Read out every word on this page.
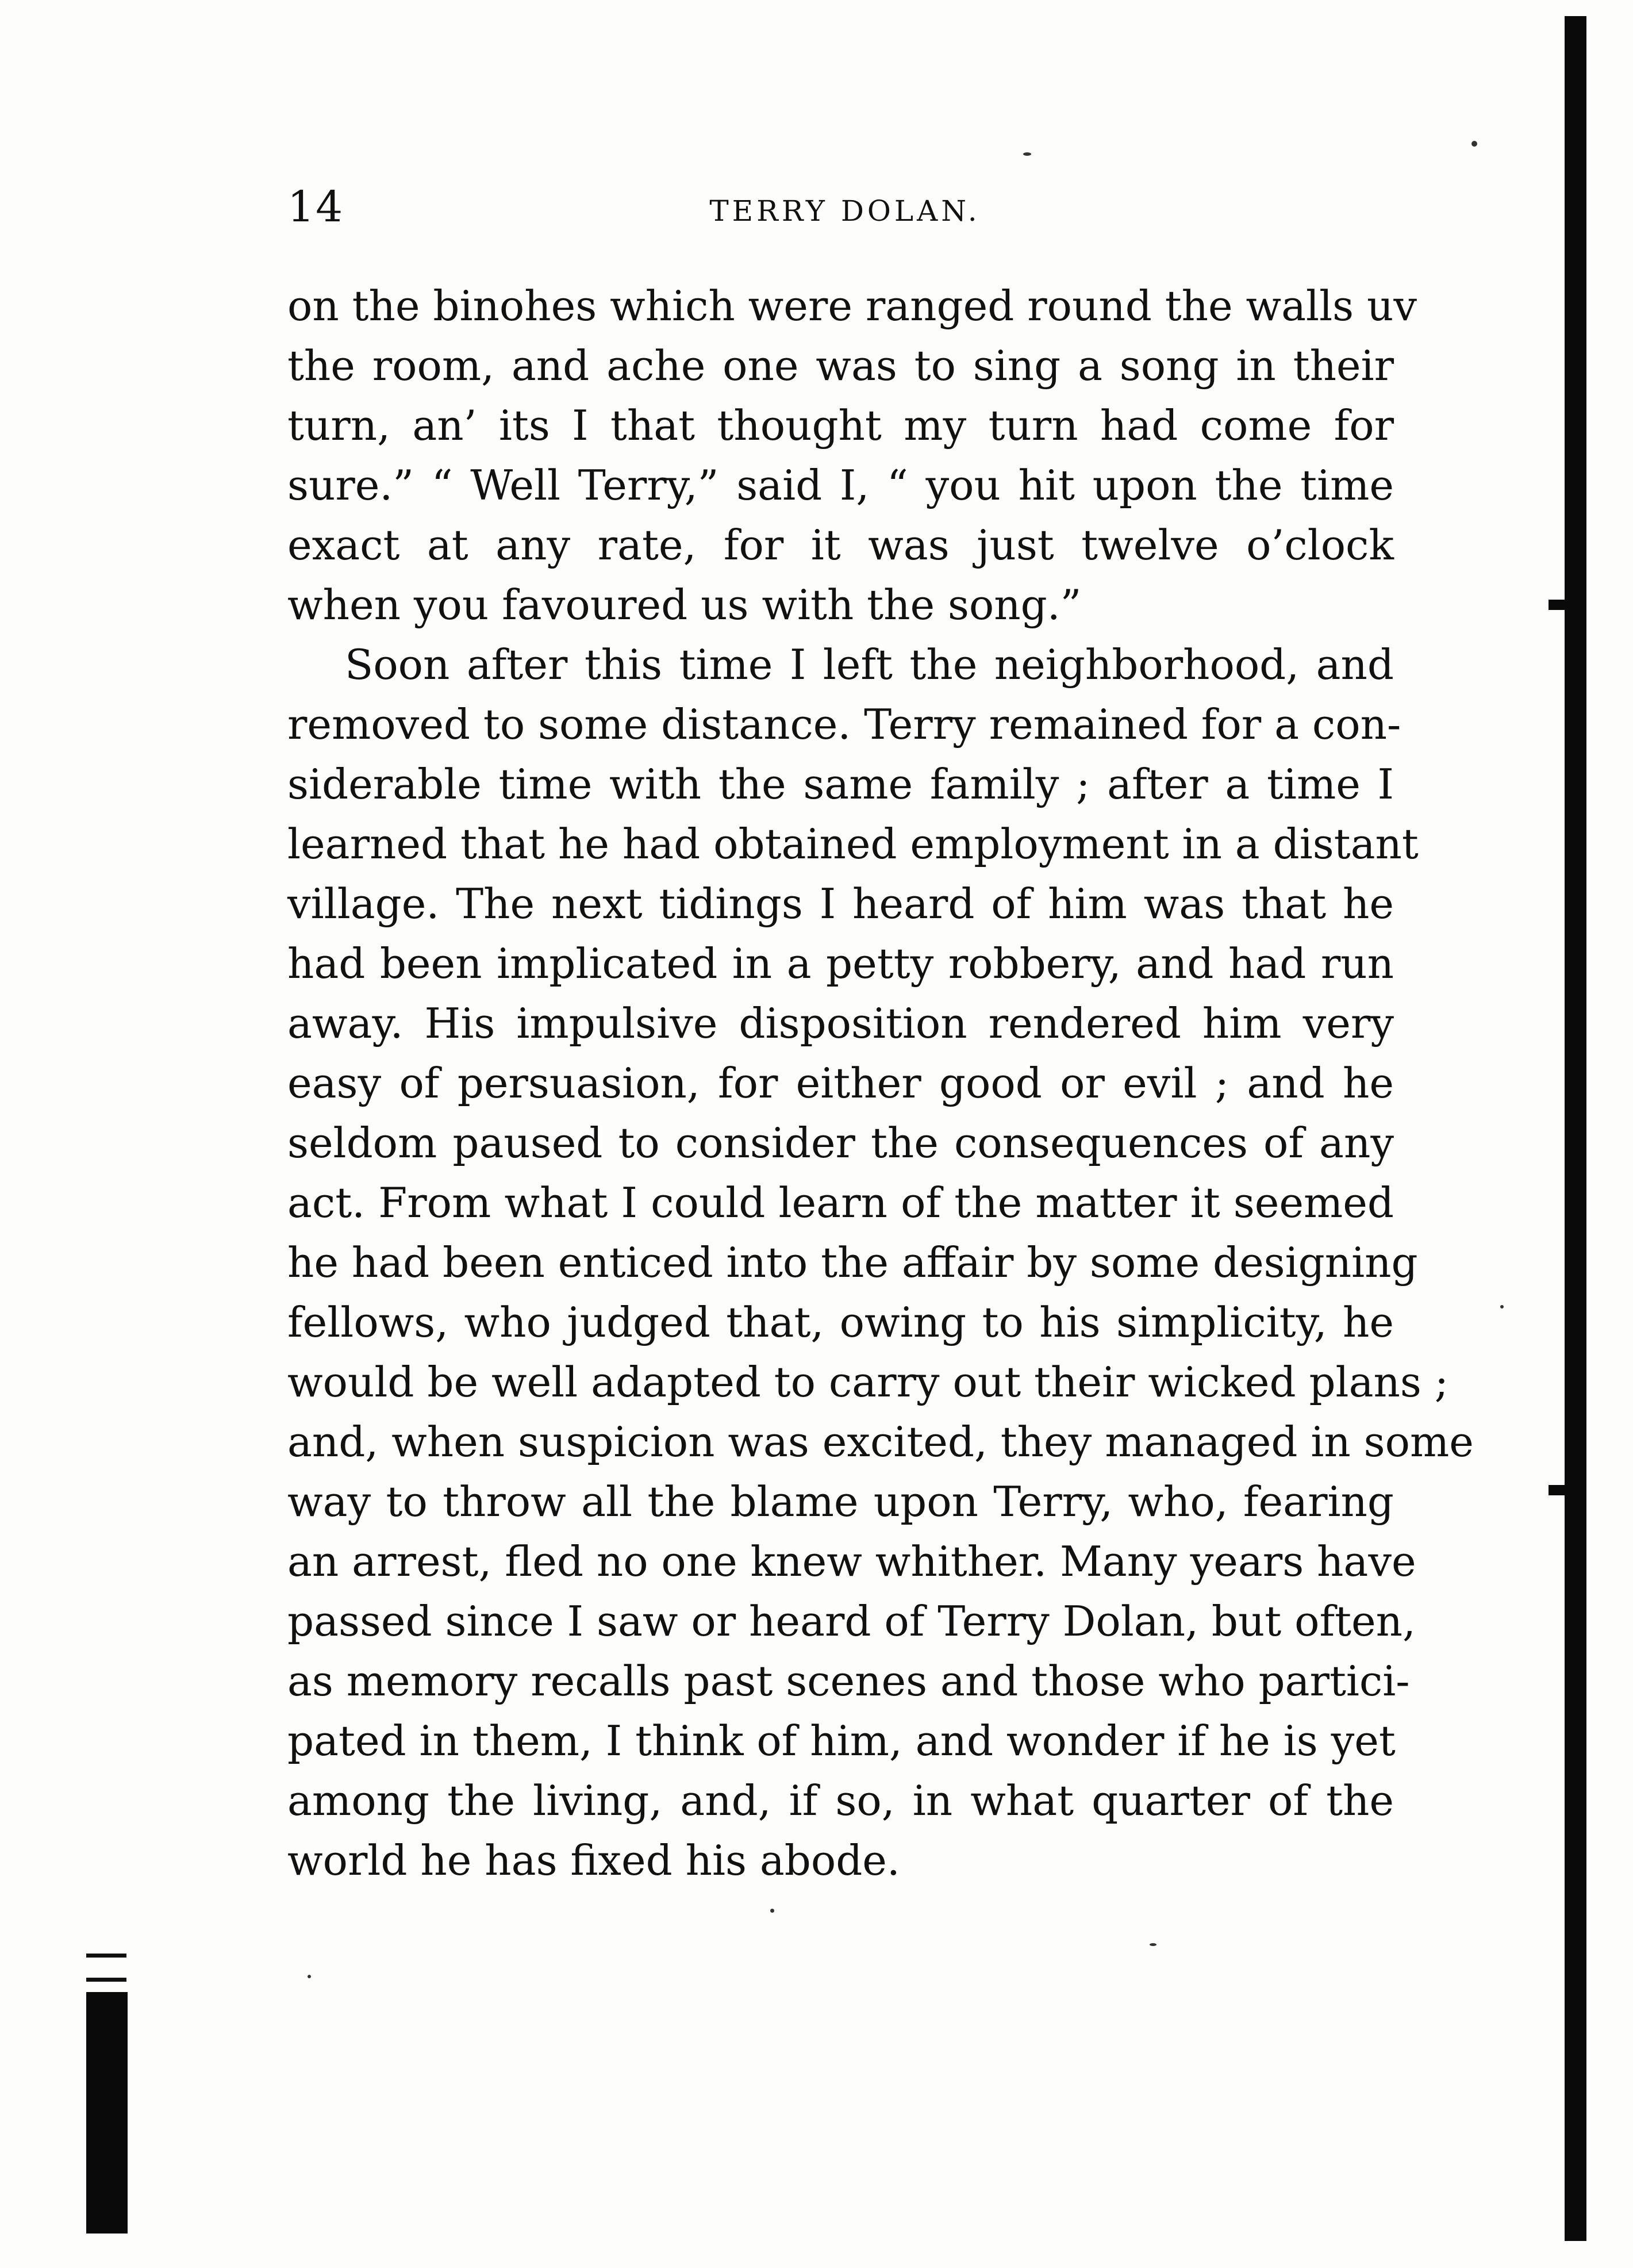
14	TERRY DOLAN.
on the binohes which were ranged round the walls uv
the room, and ache one was to sing a song in their
turn, an’ its I that thought my turn had come for
sure.” “ Well Terry,” said I, “ you hit upon the time
exact at any rate, for it was just twelve o’clock
when you favoured us with the song.”
Soon after this time I left the neighborhood, and
removed to some distance. Terry remained for a con-
siderable time with the same family ; after a time I
learned that he had obtained employment in a distant
village. The next tidings I heard of him was that he
had been implicated in a petty robbery, and had run
away. His impulsive disposition rendered him very
easy of persuasion, for either good or evil ; and he
seldom paused to consider the consequences of any
act. From what I could learn of the matter it seemed
he had been enticed into the affair by some designing
fellows, who judged that, owing to his simplicity, he
would be well adapted to carry out their wicked plans ;
and, when suspicion was excited, they managed in some
way to throw all the blame upon Terry, who, fearing
an arrest, fled no one knew whither. Many years have
passed since I saw or heard of Terry Dolan, but often,
as memory recalls past scenes and those who partici-
pated in them, I think of him, and wonder if he is yet
among the living, and, if so, in what quarter of the
world he has fixed his abode.
